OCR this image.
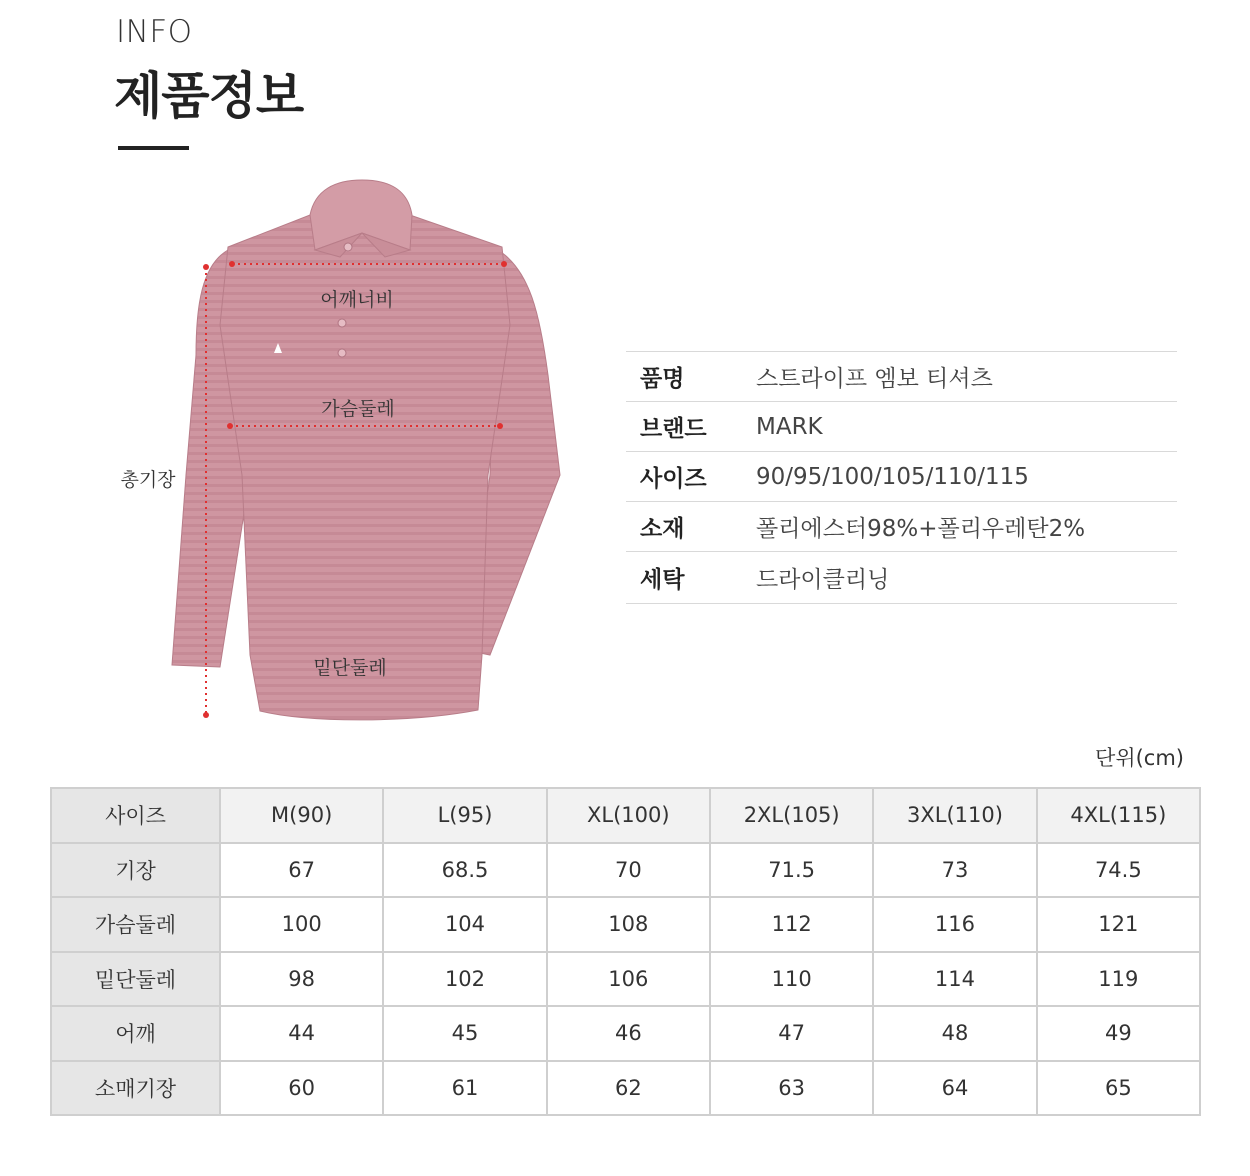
INFO
제품정보
어깨너비
가슴둘레
밑단둘레
총기장
품명	스트라이프 엠보 티셔츠
브랜드	MARK
사이즈	90/95/100/105/110/115
소재	폴리에스터98%+폴리우레탄2%
세탁	드라이클리닝
단위(cm)
사이즈	M(90)	L(95)	XL(100)	2XL(105)	3XL(110)	4XL(115)
기장	67	68.5	70	71.5	73	74.5
가슴둘레	100	104	108	112	116	121
밑단둘레	98	102	106	110	114	119
어깨	44	45	46	47	48	49
소매기장	60	61	62	63	64	65
